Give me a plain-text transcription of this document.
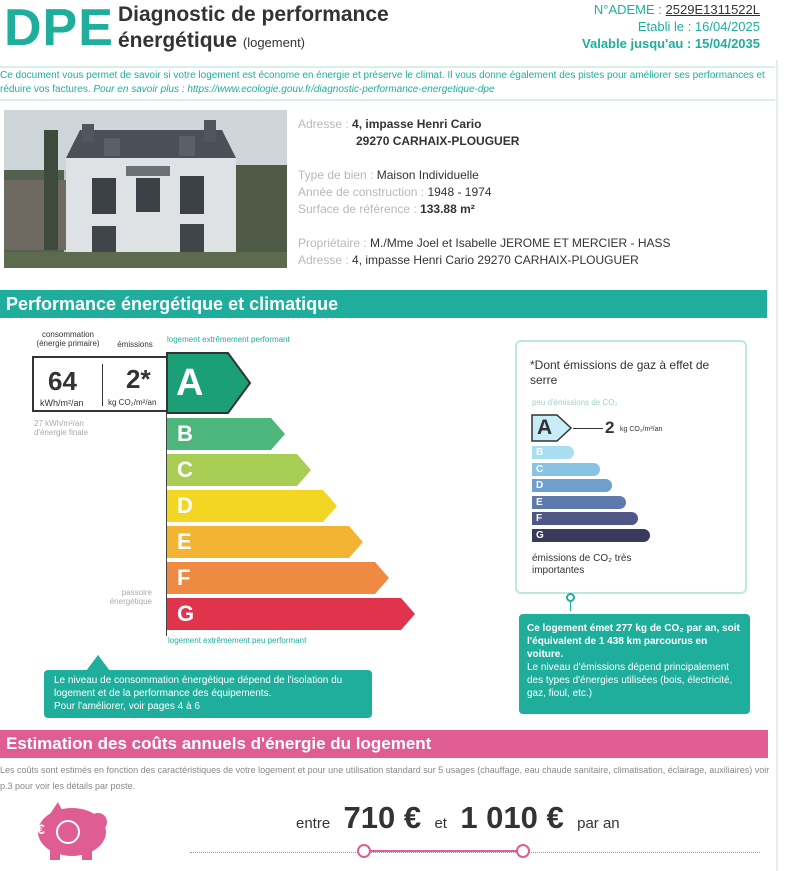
DPE Diagnostic de performance
énergétique (logement)
N°ADEME : 2529E1311522L
Etabli le : 16/04/2025
Valable jusqu'au : 15/04/2035
Ce document vous permet de savoir si votre logement est économe en énergie et préserve le climat. Il vous donne également des pistes pour améliorer ses performances et réduire vos factures. Pour en savoir plus : https://www.ecologie.gouv.fr/diagnostic-performance-energetique-dpe
Adresse : 4, impasse Henri Cario
29270 CARHAIX-PLOUGUER
Type de bien : Maison Individuelle
Année de construction : 1948 - 1974
Surface de référence : 133.88 m²
Propriétaire : M./Mme Joel et Isabelle JEROME ET MERCIER - HASS
Adresse : 4, impasse Henri Cario 29270 CARHAIX-PLOUGUER
Performance énergétique et climatique
consommation (énergie primaire)	émissions
logement extrêmement performant
64
kWh/m²/an
2*
kg CO₂/m²/an A
27 kWh/m²/an d'énergie finale	B
C
D
E
F
G
passoire énergétique
logement extrêmement peu performant
*Dont émissions de gaz à effet de serre
peu d'émissions de CO₂
A	2 kg CO₂/m²/an
B
C
D
E
F
G
émissions de CO₂ très importantes
Ce logement émet 277 kg de CO₂ par an, soit l'équivalent de 1 438 km parcourus en voiture.
Le niveau d'émissions dépend principalement des types d'énergies utilisées (bois, électricité, gaz, fioul, etc.)
Le niveau de consommation énergétique dépend de l'isolation du logement et de la performance des équipements.
Pour l'améliorer, voir pages 4 à 6
Estimation des coûts annuels d'énergie du logement
Les coûts sont estimés en fonction des caractéristiques de votre logement et pour une utilisation standard sur 5 usages (chauffage, eau chaude sanitaire, climatisation, éclairage, auxiliaires) voir p.3 pour voir les détails par poste.
€	entre 710 € et 1 010 € par an
